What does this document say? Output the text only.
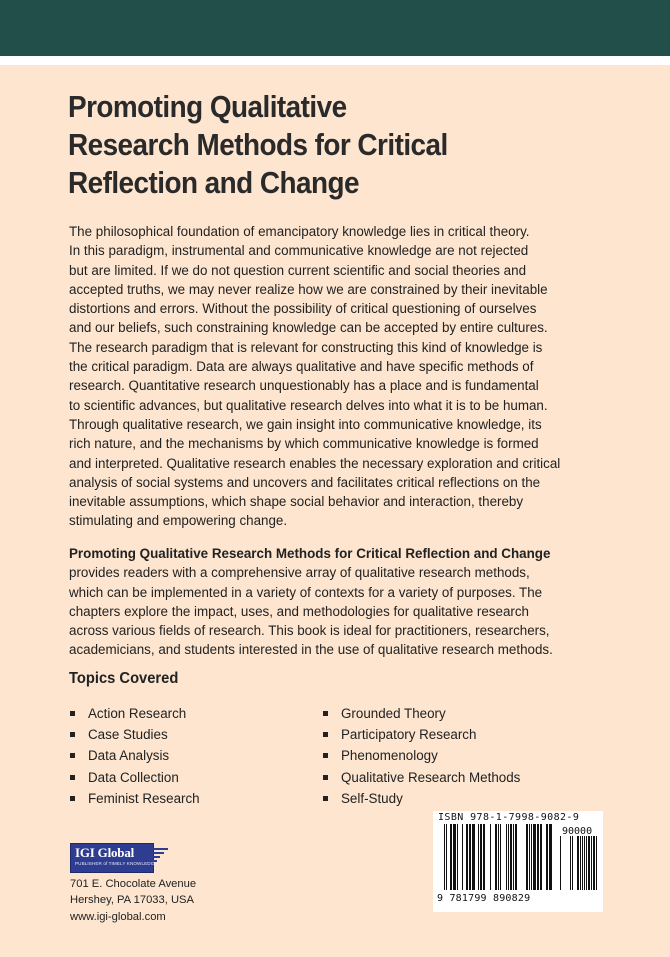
Promoting Qualitative
Research Methods for Critical
Reflection and Change
The philosophical foundation of emancipatory knowledge lies in critical theory.
In this paradigm, instrumental and communicative knowledge are not rejected
but are limited. If we do not question current scientific and social theories and
accepted truths, we may never realize how we are constrained by their inevitable
distortions and errors. Without the possibility of critical questioning of ourselves
and our beliefs, such constraining knowledge can be accepted by entire cultures.
The research paradigm that is relevant for constructing this kind of knowledge is
the critical paradigm. Data are always qualitative and have specific methods of
research. Quantitative research unquestionably has a place and is fundamental
to scientific advances, but qualitative research delves into what it is to be human.
Through qualitative research, we gain insight into communicative knowledge, its
rich nature, and the mechanisms by which communicative knowledge is formed
and interpreted. Qualitative research enables the necessary exploration and critical
analysis of social systems and uncovers and facilitates critical reflections on the
inevitable assumptions, which shape social behavior and interaction, thereby
stimulating and empowering change.
Promoting Qualitative Research Methods for Critical Reflection and Change
provides readers with a comprehensive array of qualitative research methods,
which can be implemented in a variety of contexts for a variety of purposes. The
chapters explore the impact, uses, and methodologies for qualitative research
across various fields of research. This book is ideal for practitioners, researchers,
academicians, and students interested in the use of qualitative research methods.
Topics Covered
Action Research
Case Studies
Data Analysis
Data Collection
Feminist Research
Grounded Theory
Participatory Research
Phenomenology
Qualitative Research Methods
Self-Study
IGI Global
PUBLISHER of TIMELY KNOWLEDGE
701 E. Chocolate Avenue
Hershey, PA 17033, USA
www.igi-global.com
ISBN 978-1-7998-9082-9
90000
9 781799 890829
